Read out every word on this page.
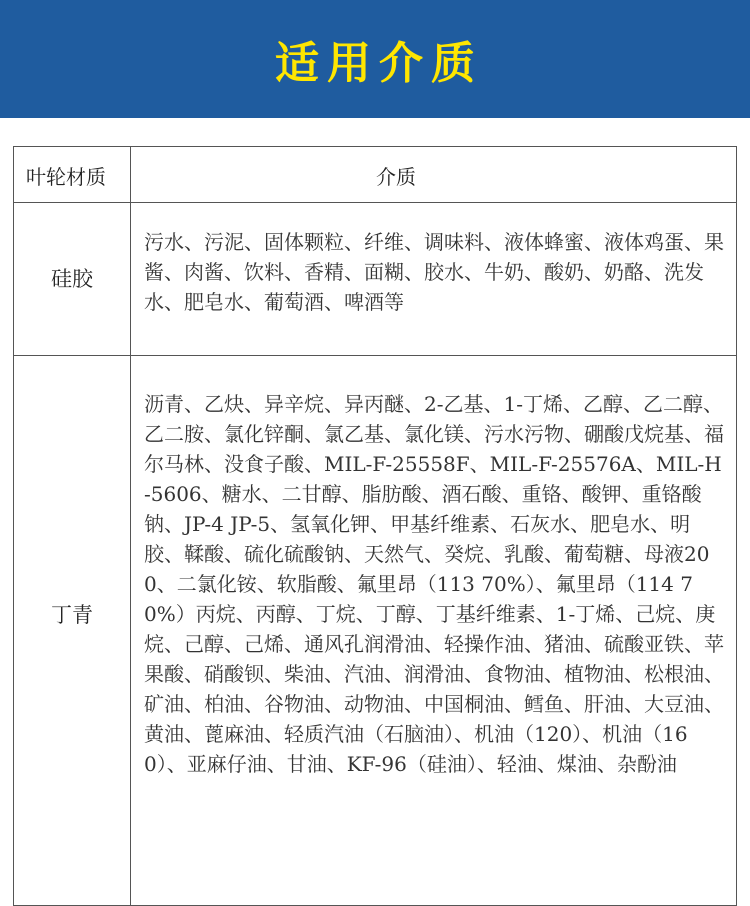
适用介质
叶轮材质	介质
硅胶
污水、污泥、固体颗粒、纤维、调味料、液体蜂蜜、液体鸡蛋、果酱、肉酱、饮料、香精、面糊、胶水、牛奶、酸奶、奶酪、洗发水、肥皂水、葡萄酒、啤酒等
丁青
沥青、乙炔、异辛烷、异丙醚、2-乙基、1-丁烯、乙醇、乙二醇、乙二胺、氯化锌酮、氯乙基、氯化镁、污水污物、硼酸戊烷基、福尔马林、没食子酸、MIL-F-25558F、MIL-F-25576A、MIL-H-5606、糖水、二甘醇、脂肪酸、酒石酸、重铬、酸钾、重铬酸钠、JP-4 JP-5、氢氧化钾、甲基纤维素、石灰水、肥皂水、明胶、鞣酸、硫化硫酸钠、天然气、癸烷、乳酸、葡萄糖、母液200、二氯化铵、软脂酸、氟里昂（113 70%）、氟里昂（114 70%）丙烷、丙醇、丁烷、丁醇、丁基纤维素、1-丁烯、己烷、庚烷、己醇、己烯、通风孔润滑油、轻操作油、猪油、硫酸亚铁、苹果酸、硝酸钡、柴油、汽油、润滑油、食物油、植物油、松根油、矿油、柏油、谷物油、动物油、中国桐油、鳕鱼、肝油、大豆油、黄油、蓖麻油、轻质汽油（石脑油）、机油（120）、机油（160）、亚麻仔油、甘油、KF-96（硅油）、轻油、煤油、杂酚油
